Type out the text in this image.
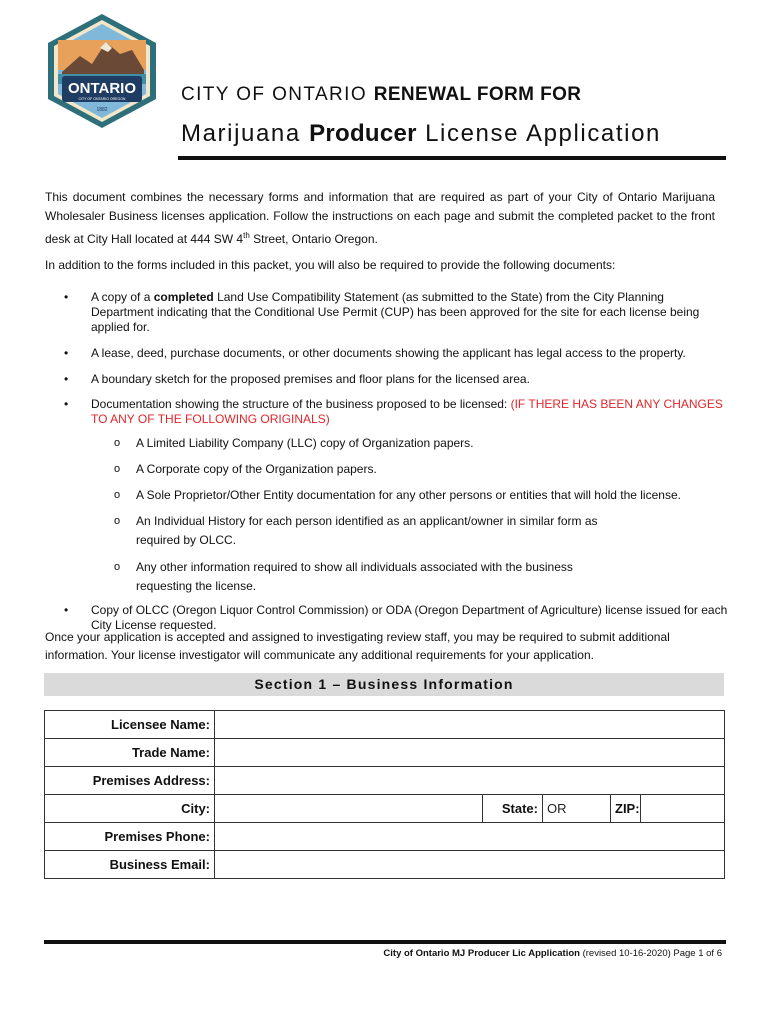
ONTARIO
CITY OF ONTARIO OREGON
1882
CITY OF ONTARIO RENEWAL FORM FOR
Marijuana Producer License Application
This document combines the necessary forms and information that are required as part of your City of Ontario Marijuana Wholesaler Business licenses application. Follow the instructions on each page and submit the completed packet to the front desk at City Hall located at 444 SW 4th Street, Ontario Oregon.
In addition to the forms included in this packet, you will also be required to provide the following documents:
• A copy of a completed Land Use Compatibility Statement (as submitted to the State) from the City Planning Department indicating that the Conditional Use Permit (CUP) has been approved for the site for each license being applied for.
• A lease, deed, purchase documents, or other documents showing the applicant has legal access to the property.
• A boundary sketch for the proposed premises and floor plans for the licensed area.
• Documentation showing the structure of the business proposed to be licensed: (IF THERE HAS BEEN ANY CHANGES TO ANY OF THE FOLLOWING ORIGINALS)
o A Limited Liability Company (LLC) copy of Organization papers.
o A Corporate copy of the Organization papers.
o A Sole Proprietor/Other Entity documentation for any other persons or entities that will hold the license.
o An Individual History for each person identified as an applicant/owner in similar form as required by OLCC.
o Any other information required to show all individuals associated with the business requesting the license.
• Copy of OLCC (Oregon Liquor Control Commission) or ODA (Oregon Department of Agriculture) license issued for each City License requested.
Once your application is accepted and assigned to investigating review staff, you may be required to submit additional information. Your license investigator will communicate any additional requirements for your application.
Section 1 – Business Information
Licensee Name:					
Trade Name:					
Premises Address:					
City:		State:	OR	ZIP:	
Premises Phone:					
Business Email:					
City of Ontario MJ Producer Lic Application (revised 10-16-2020) Page 1 of 6
